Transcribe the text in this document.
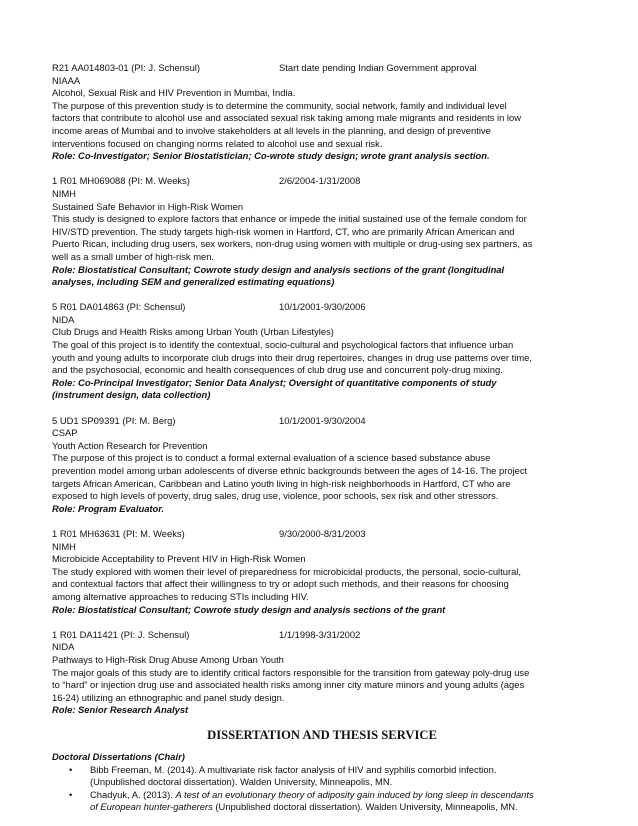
R21 AA014803-01 (PI: J. Schensul)	Start date pending Indian Government approval
NIAAA
Alcohol, Sexual Risk and HIV Prevention in Mumbai, India.
The purpose of this prevention study is to determine the community, social network, family and individual level
factors that contribute to alcohol use and associated sexual risk taking among male migrants and residents in low
income areas of Mumbai and to involve stakeholders at all levels in the planning, and design of preventive
interventions focused on changing norms related to alcohol use and sexual risk.
Role: Co-Investigator; Senior Biostatistician; Co-wrote study design; wrote grant analysis section.
1 R01 MH069088 (PI: M. Weeks)	2/6/2004-1/31/2008
NIMH
Sustained Safe Behavior in High-Risk Women
This study is designed to explore factors that enhance or impede the initial sustained use of the female condom for
HIV/STD prevention. The study targets high-risk women in Hartford, CT, who are primarily African American and
Puerto Rican, including drug users, sex workers, non-drug using women with multiple or drug-using sex partners, as
well as a small umber of high-risk men.
Role: Biostatistical Consultant; Cowrote study design and analysis sections of the grant (longitudinal
analyses, including SEM and generalized estimating equations)
5 R01 DA014863 (PI: Schensul)	10/1/2001-9/30/2006
NIDA
Club Drugs and Health Risks among Urban Youth (Urban Lifestyles)
The goal of this project is to identify the contextual, socio-cultural and psychological factors that influence urban
youth and young adults to incorporate club drugs into their drug repertoires, changes in drug use patterns over time,
and the psychosocial, economic and health consequences of club drug use and concurrent poly-drug mixing.
Role: Co-Principal Investigator; Senior Data Analyst; Oversight of quantitative components of study
(instrument design, data collection)
5 UD1 SP09391 (PI: M. Berg)	10/1/2001-9/30/2004
CSAP
Youth Action Research for Prevention
The purpose of this project is to conduct a formal external evaluation of a science based substance abuse
prevention model among urban adolescents of diverse ethnic backgrounds between the ages of 14-16. The project
targets African American, Caribbean and Latino youth living in high-risk neighborhoods in Hartford, CT who are
exposed to high levels of poverty, drug sales, drug use, violence, poor schools, sex risk and other stressors.
Role: Program Evaluator.
1 R01 MH63631 (PI: M. Weeks)	9/30/2000-8/31/2003
NIMH
Microbicide Acceptability to Prevent HIV in High-Risk Women
The study explored with women their level of preparedness for microbicidal products, the personal, socio-cultural,
and contextual factors that affect their willingness to try or adopt such methods, and their reasons for choosing
among alternative approaches to reducing STIs including HIV.
Role: Biostatistical Consultant; Cowrote study design and analysis sections of the grant
1 R01 DA11421 (PI: J. Schensul)	1/1/1998-3/31/2002
NIDA
Pathways to High-Risk Drug Abuse Among Urban Youth
The major goals of this study are to identify critical factors responsible for the transition from gateway poly-drug use
to “hard” or injection drug use and associated health risks among inner city mature minors and young adults (ages
16-24) utilizing an ethnographic and panel study design.
Role: Senior Research Analyst
DISSERTATION AND THESIS SERVICE
Doctoral Dissertations (Chair)
• Bibb Freeman, M. (2014). A multivariate risk factor analysis of HIV and syphilis comorbid infection.
(Unpublished doctoral dissertation). Walden University, Minneapolis, MN.
• Chadyuk, A. (2013). A test of an evolutionary theory of adiposity gain induced by long sleep in descendants
of European hunter-gatherers (Unpublished doctoral dissertation). Walden University, Minneapolis, MN.
